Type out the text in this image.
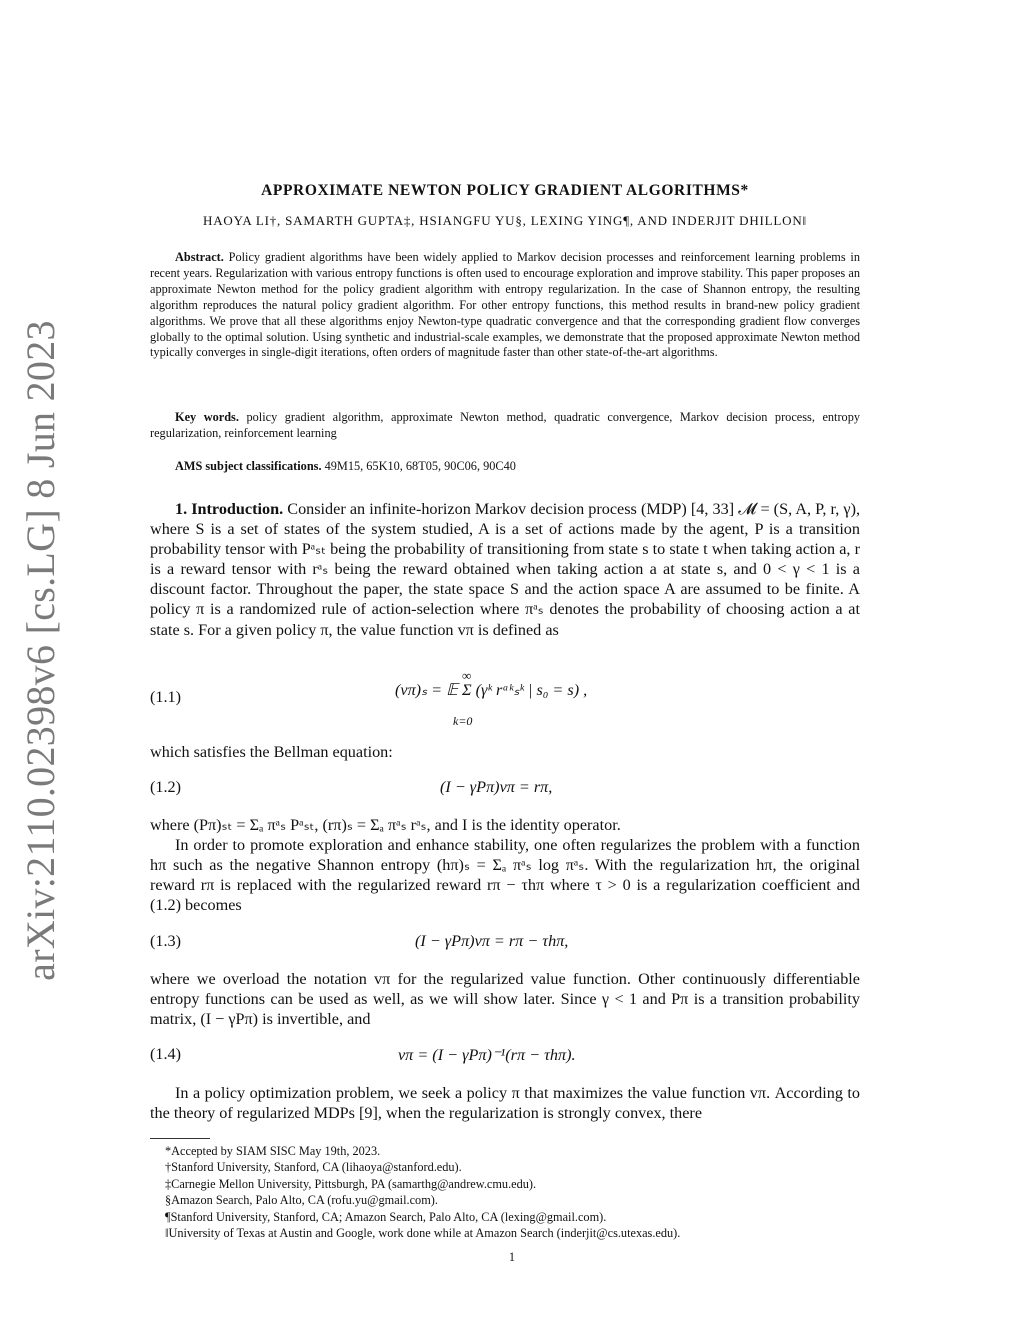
arXiv:2110.02398v6 [cs.LG] 8 Jun 2023
APPROXIMATE NEWTON POLICY GRADIENT ALGORITHMS*
HAOYA LI†, SAMARTH GUPTA‡, HSIANGFU YU§, LEXING YING¶, AND INDERJIT DHILLON‖
Abstract. Policy gradient algorithms have been widely applied to Markov decision processes and reinforcement learning problems in recent years. Regularization with various entropy functions is often used to encourage exploration and improve stability. This paper proposes an approximate Newton method for the policy gradient algorithm with entropy regularization. In the case of Shannon entropy, the resulting algorithm reproduces the natural policy gradient algorithm. For other entropy functions, this method results in brand-new policy gradient algorithms. We prove that all these algorithms enjoy Newton-type quadratic convergence and that the corresponding gradient flow converges globally to the optimal solution. Using synthetic and industrial-scale examples, we demonstrate that the proposed approximate Newton method typically converges in single-digit iterations, often orders of magnitude faster than other state-of-the-art algorithms.
Key words. policy gradient algorithm, approximate Newton method, quadratic convergence, Markov decision process, entropy regularization, reinforcement learning
AMS subject classifications. 49M15, 65K10, 68T05, 90C06, 90C40
1. Introduction. Consider an infinite-horizon Markov decision process (MDP) [4, 33] 𝓜 = (S, A, P, r, γ), where S is a set of states of the system studied, A is a set of actions made by the agent, P is a transition probability tensor with Pᵃₛₜ being the probability of transitioning from state s to state t when taking action a, r is a reward tensor with rᵃₛ being the reward obtained when taking action a at state s, and 0 < γ < 1 is a discount factor. Throughout the paper, the state space S and the action space A are assumed to be finite. A policy π is a randomized rule of action-selection where πᵃₛ denotes the probability of choosing action a at state s. For a given policy π, the value function vπ is defined as
(1.1)	(vπ)ₛ = 𝔼 Σ (γᵏ rᵃᵏₛᵏ | s₀ = s) ,
∞
k=0
which satisfies the Bellman equation:
(1.2)	(I − γPπ)vπ = rπ,
where (Pπ)ₛₜ = Σₐ πᵃₛ Pᵃₛₜ, (rπ)ₛ = Σₐ πᵃₛ rᵃₛ, and I is the identity operator.
In order to promote exploration and enhance stability, one often regularizes the problem with a function hπ such as the negative Shannon entropy (hπ)ₛ = Σₐ πᵃₛ log πᵃₛ. With the regularization hπ, the original reward rπ is replaced with the regularized reward rπ − τhπ where τ > 0 is a regularization coefficient and (1.2) becomes
(1.3)	(I − γPπ)vπ = rπ − τhπ,
where we overload the notation vπ for the regularized value function. Other continuously differentiable entropy functions can be used as well, as we will show later. Since γ < 1 and Pπ is a transition probability matrix, (I − γPπ) is invertible, and
(1.4)	vπ = (I − γPπ)⁻¹(rπ − τhπ).
In a policy optimization problem, we seek a policy π that maximizes the value function vπ. According to the theory of regularized MDPs [9], when the regularization is strongly convex, there
*Accepted by SIAM SISC May 19th, 2023.
†Stanford University, Stanford, CA (lihaoya@stanford.edu).
‡Carnegie Mellon University, Pittsburgh, PA (samarthg@andrew.cmu.edu).
§Amazon Search, Palo Alto, CA (rofu.yu@gmail.com).
¶Stanford University, Stanford, CA; Amazon Search, Palo Alto, CA (lexing@gmail.com).
‖University of Texas at Austin and Google, work done while at Amazon Search (inderjit@cs.utexas.edu).
1
